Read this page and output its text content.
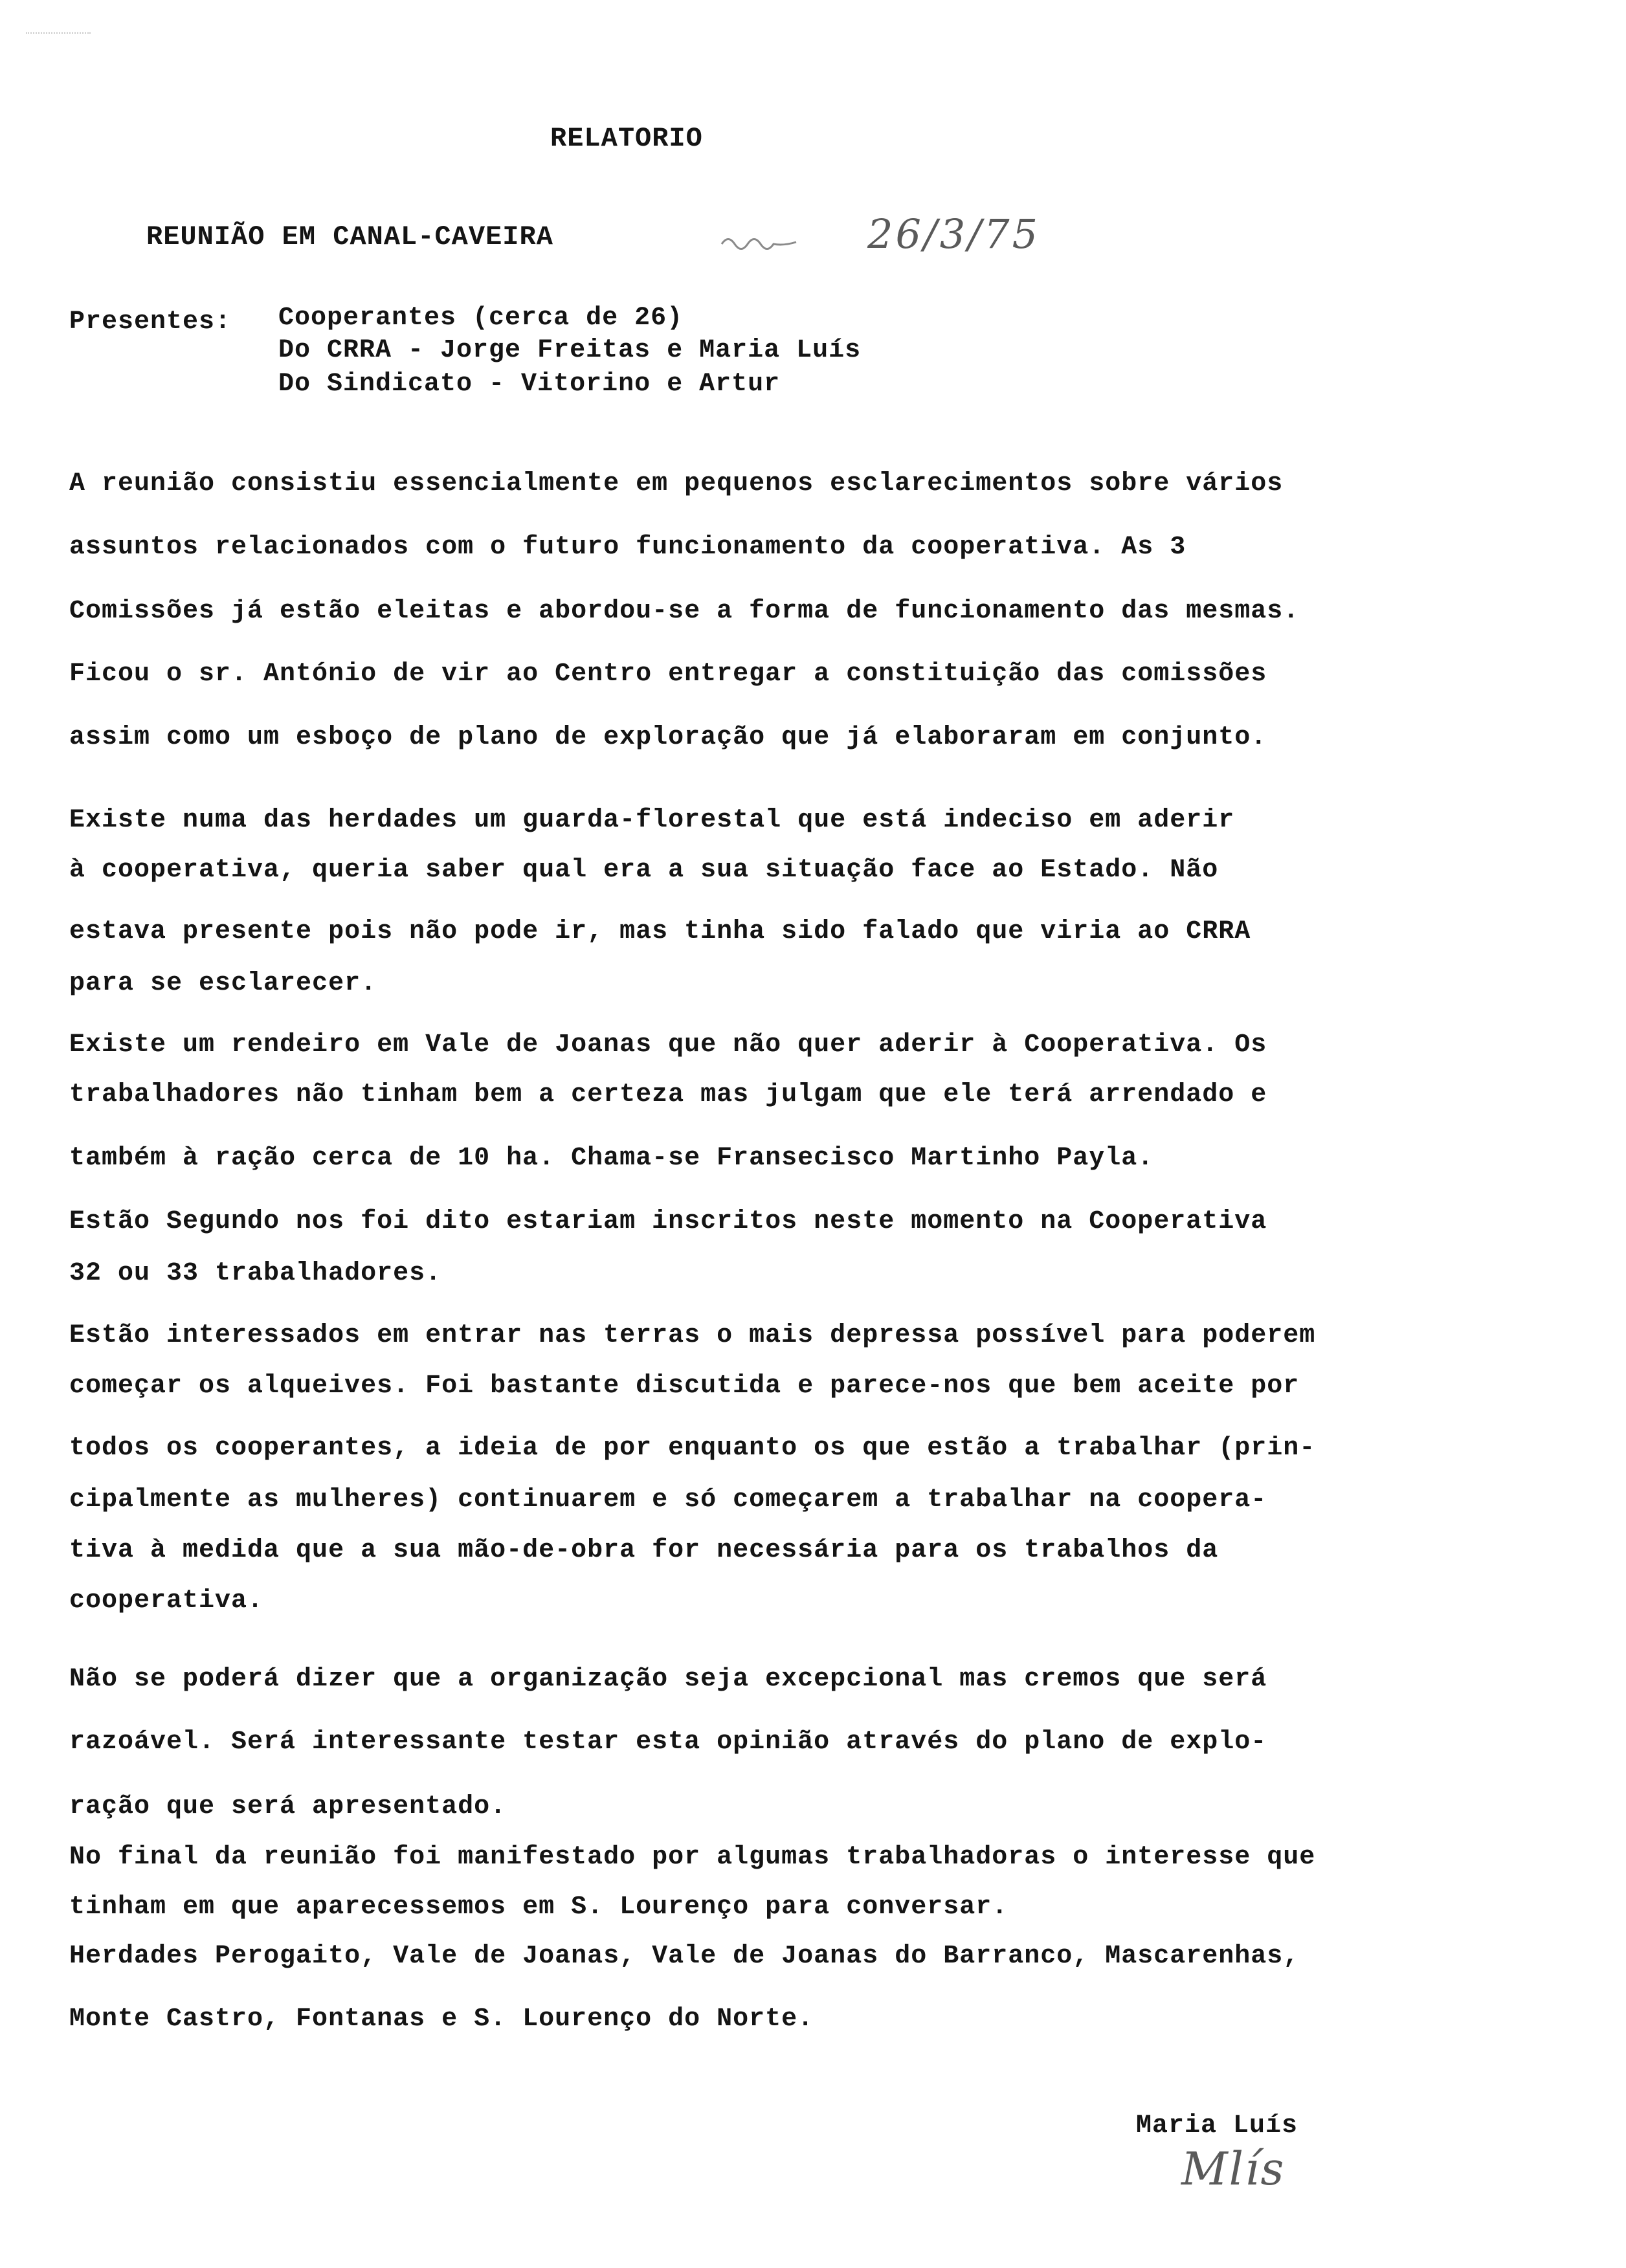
RELATORIO
REUNIÃO EM CANAL-CAVEIRA	26/3/75
Presentes: Cooperantes (cerca de 26)
Do CRRA - Jorge Freitas e Maria Luís
Do Sindicato - Vitorino e Artur
A reunião consistiu essencialmente em pequenos esclarecimentos sobre vários
assuntos relacionados com o futuro funcionamento da cooperativa. As 3
Comissões já estão eleitas e abordou-se a forma de funcionamento das mesmas.
Ficou o sr. António de vir ao Centro entregar a constituição das comissões
assim como um esboço de plano de exploração que já elaboraram em conjunto.
Existe numa das herdades um guarda-florestal que está indeciso em aderir
à cooperativa, queria saber qual era a sua situação face ao Estado. Não
estava presente pois não pode ir, mas tinha sido falado que viria ao CRRA
para se esclarecer.
Existe um rendeiro em Vale de Joanas que não quer aderir à Cooperativa. Os
trabalhadores não tinham bem a certeza mas julgam que ele terá arrendado e
também à ração cerca de 10 ha. Chama-se Fransecisco Martinho Payla.
Estão Segundo nos foi dito estariam inscritos neste momento na Cooperativa
32 ou 33 trabalhadores.
Estão interessados em entrar nas terras o mais depressa possível para poderem
começar os alqueives. Foi bastante discutida e parece-nos que bem aceite por
todos os cooperantes, a ideia de por enquanto os que estão a trabalhar (prin-
cipalmente as mulheres) continuarem e só começarem a trabalhar na coopera-
tiva à medida que a sua mão-de-obra for necessária para os trabalhos da
cooperativa.
Não se poderá dizer que a organização seja excepcional mas cremos que será
razoável. Será interessante testar esta opinião através do plano de explo-
ração que será apresentado.
No final da reunião foi manifestado por algumas trabalhadoras o interesse que
tinham em que aparecessemos em S. Lourenço para conversar.
Herdades Perogaito, Vale de Joanas, Vale de Joanas do Barranco, Mascarenhas,
Monte Castro, Fontanas e S. Lourenço do Norte.
Maria Luís
Mlís
